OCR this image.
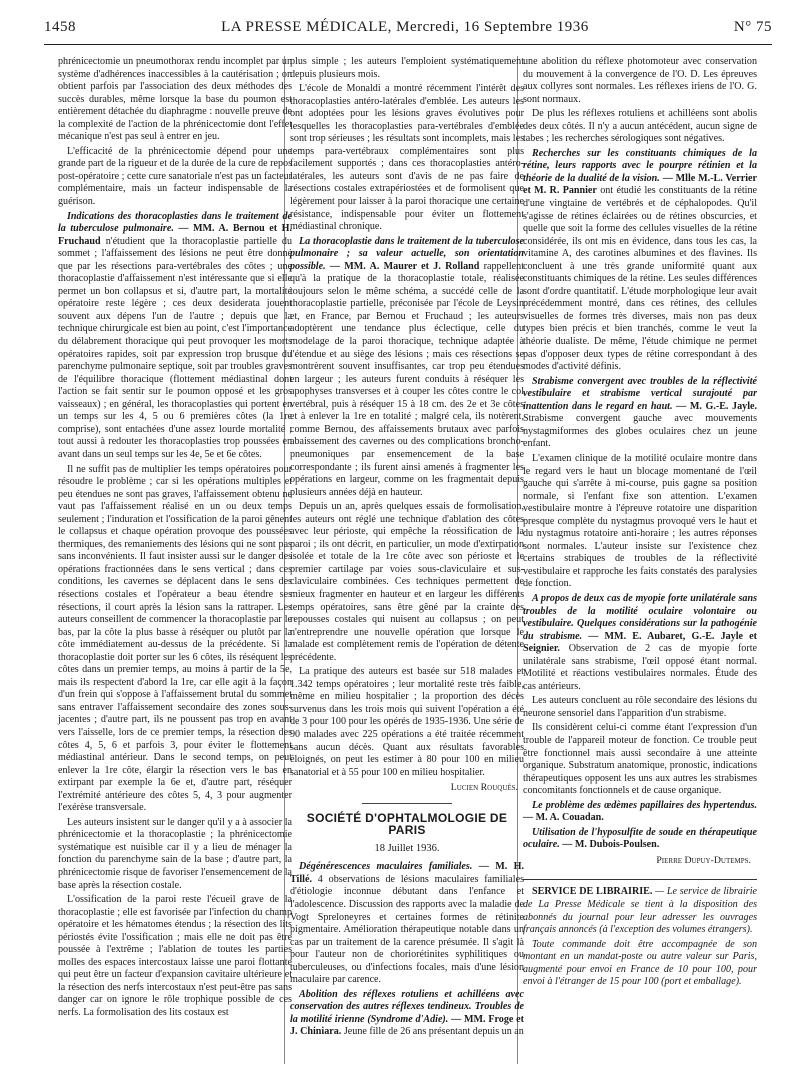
1458	LA PRESSE MÉDICALE, Mercredi, 16 Septembre 1936	N° 75

phrénicectomie un pneumothorax rendu incomplet par un système d'adhérences inaccessibles à la cautérisation ; on obtient parfois par l'association des deux méthodes des succès durables, même lorsque la base du poumon est entièrement détachée du diaphragme : nouvelle preuve de la complexité de l'action de la phrénicectomie dont l'effet mécanique n'est pas seul à entrer en jeu.

L'efficacité de la phrénicectomie dépend pour une grande part de la rigueur et de la durée de la cure de repos post-opératoire ; cette cure sanatoriale n'est pas un facteur complémentaire, mais un facteur indispensable de la guérison.

Indications des thoracoplasties dans le traitement de la tuberculose pulmonaire. — MM. A. Bernou et H. Fruchaud n'étudient que la thoracoplastie partielle du sommet ; l'affaissement des lésions ne peut être donné que par les résections para-vertébrales des côtes ; une thoracoplastie d'affaissement n'est intéressante que si elle permet un bon collapsus et si, d'autre part, la mortalité opératoire reste légère ; ces deux desiderata jouent souvent aux dépens l'un de l'autre ; depuis que la technique chirurgicale est bien au point, c'est l'importance du délabrement thoracique qui peut provoquer les morts opératoires rapides, soit par expression trop brusque du parenchyme pulmonaire septique, soit par troubles graves de l'équilibre thoracique (flottement médiastinal dont l'action se fait sentir sur le poumon opposé et les gros vaisseaux) ; en général, les thoracoplasties qui portent en un temps sur les 4, 5 ou 6 premières côtes (la 1re comprise), sont entachées d'une assez lourde mortalité ; tout aussi à redouter les thoracoplasties trop poussées en avant dans un seul temps sur les 4e, 5e et 6e côtes.

Il ne suffit pas de multiplier les temps opératoires pour résoudre le problème ; car si les opérations multiples et peu étendues ne sont pas graves, l'affaissement obtenu ne vaut pas l'affaissement réalisé en un ou deux temps seulement ; l'induration et l'ossification de la paroi gênent le collapsus et chaque opération provoque des poussées thermiques, des remaniements des lésions qui ne sont pas sans inconvénients. Il faut insister aussi sur le danger des opérations fractionnées dans le sens vertical ; dans ces conditions, les cavernes se déplacent dans le sens des résections costales et l'opérateur a beau étendre ses résections, il court après la lésion sans la rattraper. Les auteurs conseillent de commencer la thoracoplastie par le bas, par la côte la plus basse à réséquer ou plutôt par la côte immédiatement au-dessus de la précédente. Si la thoracoplastie doit porter sur les 6 côtes, ils réséquent les côtes dans un premier temps, au moins à partir de la 5e, mais ils respectent d'abord la 1re, car elle agit à la façon d'un frein qui s'oppose à l'affaissement brutal du sommet sans entraver l'affaissement secondaire des zones sous-jacentes ; d'autre part, ils ne poussent pas trop en avant vers l'aisselle, lors de ce premier temps, la résection des côtes 4, 5, 6 et parfois 3, pour éviter le flottement médiastinal antérieur. Dans le second temps, on peut enlever la 1re côte, élargir la résection vers le bas en extirpant par exemple la 6e et, d'autre part, réséquer l'extrémité antérieure des côtes 5, 4, 3 pour augmenter l'exérèse transversale.

Les auteurs insistent sur le danger qu'il y a à associer la phrénicectomie et la thoracoplastie ; la phrénicectomie systématique est nuisible car il y a lieu de ménager la fonction du parenchyme sain de la base ; d'autre part, la phrénicectomie risque de favoriser l'ensemencement de la base après la résection costale.

L'ossification de la paroi reste l'écueil grave de la thoracoplastie ; elle est favorisée par l'infection du champ opératoire et les hématomes étendus ; la résection des lits périostés évite l'ossification ; mais elle ne doit pas être poussée à l'extrême ; l'ablation de toutes les parties molles des espaces intercostaux laisse une paroi flottante qui peut être un facteur d'expansion cavitaire ultérieure et la résection des nerfs intercostaux n'est peut-être pas sans danger car on ignore le rôle trophique possible de ces nerfs. La formolisation des lits costaux est

plus simple ; les auteurs l'emploient systématiquement depuis plusieurs mois.

L'école de Monaldi a montré récemment l'intérêt des thoracoplasties antéro-latérales d'emblée. Les auteurs les ont adoptées pour les lésions graves évolutives pour lesquelles les thoracoplasties para-vertébrales d'emblée sont trop sérieuses ; les résultats sont incomplets, mais les temps para-vertébraux complémentaires sont plus facilement supportés ; dans ces thoracoplasties antéro-latérales, les auteurs sont d'avis de ne pas faire de résections costales extrapériostées et de formolisent que légèrement pour laisser à la paroi thoracique une certaine résistance, indispensable pour éviter un flottement médiastinal chronique.

La thoracoplastie dans le traitement de la tuberculose pulmonaire ; sa valeur actuelle, son orientation possible. — MM. A. Maurer et J. Rolland rappellent qu'à la pratique de la thoracoplastie totale, réalisée toujours selon le même schéma, a succédé celle de la thoracoplastie partielle, préconisée par l'école de Leysin et, en France, par Bernou et Fruchaud ; les auteurs adoptèrent une tendance plus éclectique, celle du modelage de la paroi thoracique, technique adaptée à l'étendue et au siège des lésions ; mais ces résections se montrèrent souvent insuffisantes, car trop peu étendues en largeur ; les auteurs furent conduits à réséquer les apophyses transverses et à couper les côtes contre le col vertébral, puis à réséquer 15 à 18 cm. des 2e et 3e côtes et à enlever la 1re en totalité ; malgré cela, ils notèrent, comme Bernou, des affaissements brutaux avec parfois abaissement des cavernes ou des complications broncho-pneumoniques par ensemencement de la base correspondante ; ils furent ainsi amenés à fragmenter les opérations en largeur, comme on les fragmentait depuis plusieurs années déjà en hauteur.

Depuis un an, après quelques essais de formolisation, les auteurs ont réglé une technique d'ablation des côtes avec leur périoste, qui empêche la réossification de la paroi ; ils ont décrit, en particulier, un mode d'extirpation isolée et totale de la 1re côte avec son périoste et le premier cartilage par voies sous-claviculaire et sus-claviculaire combinées. Ces techniques permettent de mieux fragmenter en hauteur et en largeur les différents temps opératoires, sans être gêné par la crainte des repousses costales qui nuisent au collapsus ; on peut n'entreprendre une nouvelle opération que lorsque le malade est complètement remis de l'opération de détente précédente.

La pratique des auteurs est basée sur 518 malades et 1.342 temps opératoires ; leur mortalité reste très faible, même en milieu hospitalier ; la proportion des décès survenus dans les trois mois qui suivent l'opération a été de 3 pour 100 pour les opérés de 1935-1936. Une série de 90 malades avec 225 opérations a été traitée récemment sans aucun décès. Quant aux résultats favorables éloignés, on peut les estimer à 80 pour 100 en milieu sanatorial et à 55 pour 100 en milieu hospitalier.

Lucien Rouquès.
SOCIÉTÉ D'OPHTALMOLOGIE DE PARIS
18 Juillet 1936.

Dégénérescences maculaires familiales. — M. H. Tillé. 4 observations de lésions maculaires familiales d'étiologie inconnue débutant dans l'enfance et l'adolescence. Discussion des rapports avec la maladie de Vogt Spreloneyres et certaines formes de rétinite pigmentaire. Amélioration thérapeutique notable dans un cas par un traitement de la carence présumée. Il s'agit là pour l'auteur non de choriorétinites syphilitiques ou tuberculeuses, ou d'infections focales, mais d'une lésion maculaire par carence.

Abolition des réflexes rotuliens et achilléens avec conservation des autres réflexes tendineux. Troubles de la motilité irienne (Syndrome d'Adie). — MM. Froge et J. Chiniara. Jeune fille de 26 ans présentant depuis un an

une abolition du réflexe photomoteur avec conservation du mouvement à la convergence de l'O. D. Les épreuves aux collyres sont normales. Les réflexes iriens de l'O. G. sont normaux.

De plus les réflexes rotuliens et achilléens sont abolis des deux côtés. Il n'y a aucun antécédent, aucun signe de tabes ; les recherches sérologiques sont négatives.

Recherches sur les constituants chimiques de la rétine, leurs rapports avec le pourpre rétinien et la théorie de la dualité de la vision. — Mlle M.-L. Verrier et M. R. Pannier ont étudié les constituants de la rétine d'une vingtaine de vertébrés et de céphalopodes. Qu'il s'agisse de rétines éclairées ou de rétines obscurcies, et quelle que soit la forme des cellules visuelles de la rétine considérée, ils ont mis en évidence, dans tous les cas, la vitamine A, des carotines albumines et des flavines. Ils concluent à une très grande uniformité quant aux constituants chimiques de la rétine. Les seules différences sont d'ordre quantitatif. L'étude morphologique leur avait précédemment montré, dans ces rétines, des cellules visuelles de formes très diverses, mais non pas deux types bien précis et bien tranchés, comme le veut la théorie dualiste. De même, l'étude chimique ne permet pas d'opposer deux types de rétine correspondant à des modes d'activité définis.

Strabisme convergent avec troubles de la réflectivité vestibulaire et strabisme vertical surajouté par inattention dans le regard en haut. — M. G.-E. Jayle. Strabisme convergent gauche avec mouvements nystagmiformes des globes oculaires chez un jeune enfant.

L'examen clinique de la motilité oculaire montre dans le regard vers le haut un blocage momentané de l'œil gauche qui s'arrête à mi-course, puis gagne sa position normale, si l'enfant fixe son attention. L'examen vestibulaire montre à l'épreuve rotatoire une disparition presque complète du nystagmus provoqué vers le haut et du nystagmus rotatoire anti-horaire ; les autres réponses sont normales. L'auteur insiste sur l'existence chez certains strabiques de troubles de la réflectivité vestibulaire et rapproche les faits constatés des paralysies de fonction.

A propos de deux cas de myopie forte unilatérale sans troubles de la motilité oculaire volontaire ou vestibulaire. Quelques considérations sur la pathogénie du strabisme. — MM. E. Aubaret, G.-E. Jayle et Seignier. Observation de 2 cas de myopie forte unilatérale sans strabisme, l'œil opposé étant normal. Motilité et réactions vestibulaires normales. Étude des cas antérieurs.

Les auteurs concluent au rôle secondaire des lésions du neurone sensoriel dans l'apparition d'un strabisme.

Ils considèrent celui-ci comme étant l'expression d'un trouble de l'appareil moteur de fonction. Ce trouble peut être fonctionnel mais aussi secondaire à une atteinte organique. Substratum anatomique, pronostic, indications thérapeutiques opposent les uns aux autres les strabismes concomitants fonctionnels et de cause organique.

Le problème des œdèmes papillaires des hypertendus. — M. A. Couadan.

Utilisation de l'hyposulfite de soude en thérapeutique oculaire. — M. Dubois-Poulsen.

Pierre Dupuy-Dutemps.

SERVICE DE LIBRAIRIE. — Le service de librairie de La Presse Médicale se tient à la disposition des abonnés du journal pour leur adresser les ouvrages français annoncés (à l'exception des volumes étrangers).

Toute commande doit être accompagnée de son montant en un mandat-poste ou autre valeur sur Paris, augmenté pour envoi en France de 10 pour 100, pour envoi à l'étranger de 15 pour 100 (port et emballage).
